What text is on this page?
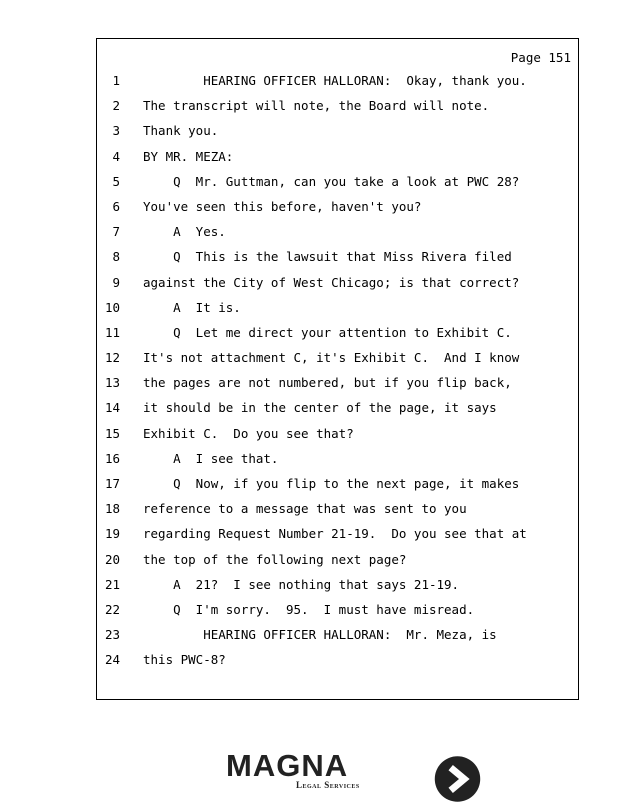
Page 151
1 HEARING OFFICER HALLORAN:  Okay, thank you.
2 The transcript will note, the Board will note.
3 Thank you.
4 BY MR. MEZA:
5 Q  Mr. Guttman, can you take a look at PWC 28?
6 You've seen this before, haven't you?
7 A  Yes.
8 Q  This is the lawsuit that Miss Rivera filed
9 against the City of West Chicago; is that correct?
10 A  It is.
11 Q  Let me direct your attention to Exhibit C.
12 It's not attachment C, it's Exhibit C.  And I know
13 the pages are not numbered, but if you flip back,
14 it should be in the center of the page, it says
15 Exhibit C.  Do you see that?
16 A  I see that.
17 Q  Now, if you flip to the next page, it makes
18 reference to a message that was sent to you
19 regarding Request Number 21-19.  Do you see that at
20 the top of the following next page?
21 A  21?  I see nothing that says 21-19.
22 Q  I'm sorry.  95.  I must have misread.
23 HEARING OFFICER HALLORAN:  Mr. Meza, is
24 this PWC-8?
MAGNA
Legal Services
